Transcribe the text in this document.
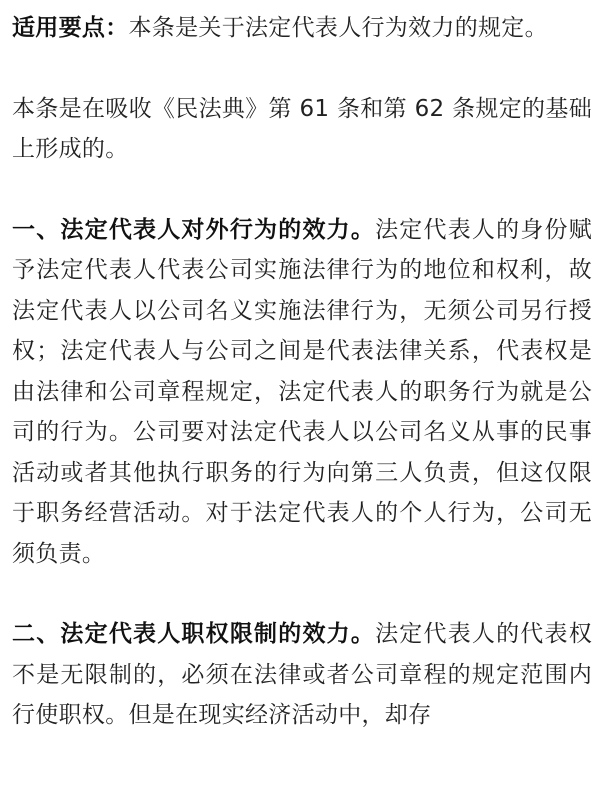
适用要点：本条是关于法定代表人行为效力的规定。

本条是在吸收《民法典》第 61 条和第 62 条规定的基础上形成的。

一、法定代表人对外行为的效力。法定代表人的身份赋予法定代表人代表公司实施法律行为的地位和权利，故法定代表人以公司名义实施法律行为，无须公司另行授权；法定代表人与公司之间是代表法律关系，代表权是由法律和公司章程规定，法定代表人的职务行为就是公司的行为。公司要对法定代表人以公司名义从事的民事活动或者其他执行职务的行为向第三人负责，但这仅限于职务经营活动。对于法定代表人的个人行为，公司无须负责。

二、法定代表人职权限制的效力。法定代表人的代表权不是无限制的，必须在法律或者公司章程的规定范围内行使职权。但是在现实经济活动中，却存
